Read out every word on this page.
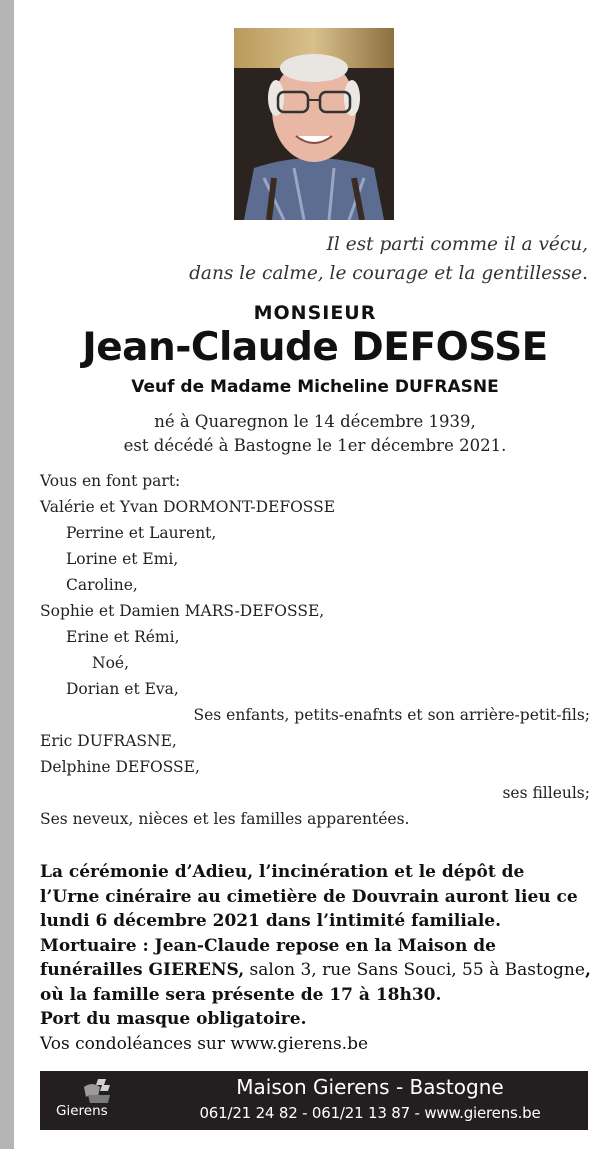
Il est parti comme il a vécu,
dans le calme, le courage et la gentillesse.
MONSIEUR
Jean-Claude DEFOSSE
Veuf de Madame Micheline DUFRASNE
né à Quaregnon le 14 décembre 1939,
est décédé à Bastogne le 1er décembre 2021.
Vous en font part:
Valérie et Yvan DORMONT-DEFOSSE
Perrine et Laurent,
Lorine et Emi,
Caroline,
Sophie et Damien MARS-DEFOSSE,
Erine et Rémi,
Noé,
Dorian et Eva,
Ses enfants, petits-enafnts et son arrière-petit-fils;
Eric DUFRASNE,
Delphine DEFOSSE,
ses filleuls;
Ses neveux, nièces et les familles apparentées.
La cérémonie d’Adieu, l’incinération et le dépôt de
l’Urne cinéraire au cimetière de Douvrain auront lieu ce
lundi 6 décembre 2021 dans l’intimité familiale.
Mortuaire : Jean-Claude repose en la Maison de
funérailles GIERENS, salon 3, rue Sans Souci, 55 à Bastogne,
où la famille sera présente de 17 à 18h30.
Port du masque obligatoire.
Vos condoléances sur www.gierens.be
Gierens
Maison Gierens - Bastogne
061/21 24 82 - 061/21 13 87 - www.gierens.be
